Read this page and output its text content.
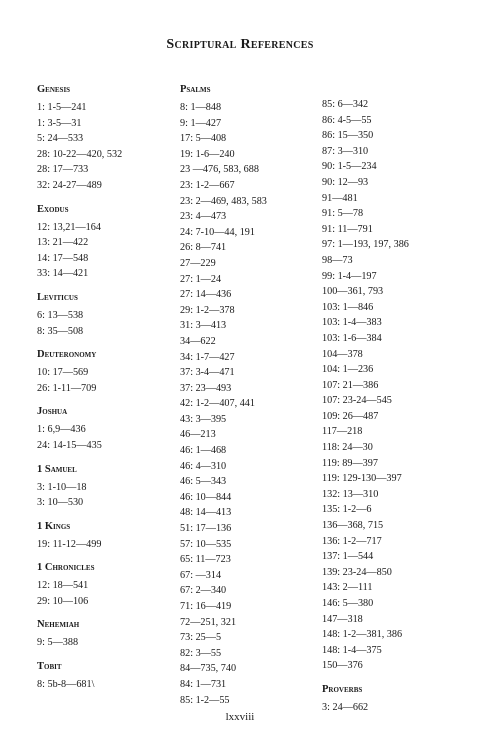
Scriptural References
Genesis
1: 1-5—241
1: 3-5—31
5: 24—533
28: 10-22—420, 532
28: 17—733
32: 24-27—489
Exodus
12: 13,21—164
13: 21—422
14: 17—548
33: 14—421
Leviticus
6: 13—538
8: 35—508
Deuteronomy
10: 17—569
26: 1-11—709
Joshua
1: 6,9—436
24: 14-15—435
1 Samuel
3: 1-10—18
3: 10—530
1 Kings
19: 11-12—499
1 Chronicles
12: 18—541
29: 10—106
Nehemiah
9: 5—388
Tobit
8: 5b-8—681\
Psalms
8: 1—848
9: 1—427
17: 5—408
19: 1-6—240
23 —476, 583, 688
23: 1-2—667
23: 2—469, 483, 583
23: 4—473
24: 7-10—44, 191
26: 8—741
27—229
27: 1—24
27: 14—436
29: 1-2—378
31: 3—413
34—622
34: 1-7—427
37: 3-4—471
37: 23—493
42: 1-2—407, 441
43: 3—395
46—213
46: 1—468
46: 4—310
46: 5—343
46: 10—844
48: 14—413
51: 17—136
57: 10—535
65: 11—723
67: —314
67: 2—340
71: 16—419
72—251, 321
73: 25—5
82: 3—55
84—735, 740
84: 1—731
85: 1-2—55
85: 6—342
86: 4-5—55
86: 15—350
87: 3—310
90: 1-5—234
90: 12—93
91—481
91: 5—78
91: 11—791
97: 1—193, 197, 386
98—73
99: 1-4—197
100—361, 793
103: 1—846
103: 1-4—383
103: 1-6—384
104—378
104: 1—236
107: 21—386
107: 23-24—545
109: 26—487
117—218
118: 24—30
119: 89—397
119: 129-130—397
132: 13—310
135: 1-2—6
136—368, 715
136: 1-2—717
137: 1—544
139: 23-24—850
143: 2—111
146: 5—380
147—318
148: 1-2—381, 386
148: 1-4—375
150—376
Proverbs
3: 24—662
lxxviii
